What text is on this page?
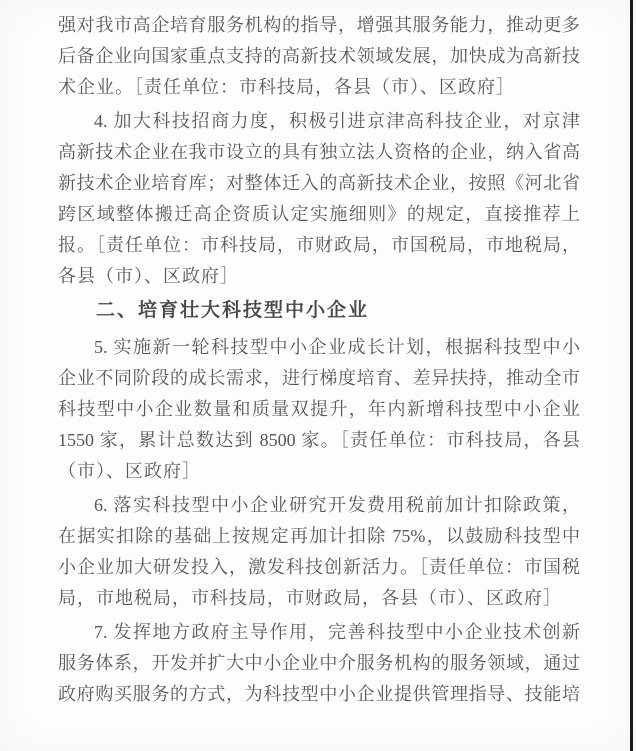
强对我市高企培育服务机构的指导，增强其服务能力，推动更多
后备企业向国家重点支持的高新技术领域发展，加快成为高新技
术企业。［责任单位：市科技局，各县（市）、区政府］
4. 加大科技招商力度，积极引进京津高科技企业，对京津
高新技术企业在我市设立的具有独立法人资格的企业，纳入省高
新技术企业培育库；对整体迁入的高新技术企业，按照《河北省
跨区域整体搬迁高企资质认定实施细则》的规定，直接推荐上
报。［责任单位：市科技局，市财政局，市国税局，市地税局，
各县（市）、区政府］
二、培育壮大科技型中小企业
5. 实施新一轮科技型中小企业成长计划，根据科技型中小
企业不同阶段的成长需求，进行梯度培育、差异扶持，推动全市
科技型中小企业数量和质量双提升，年内新增科技型中小企业
1550 家，累计总数达到 8500 家。［责任单位：市科技局，各县
（市）、区政府］
6. 落实科技型中小企业研究开发费用税前加计扣除政策，
在据实扣除的基础上按规定再加计扣除 75%，以鼓励科技型中
小企业加大研发投入，激发科技创新活力。［责任单位：市国税
局，市地税局，市科技局，市财政局，各县（市）、区政府］
7. 发挥地方政府主导作用，完善科技型中小企业技术创新
服务体系，开发并扩大中小企业中介服务机构的服务领域，通过
政府购买服务的方式，为科技型中小企业提供管理指导、技能培
